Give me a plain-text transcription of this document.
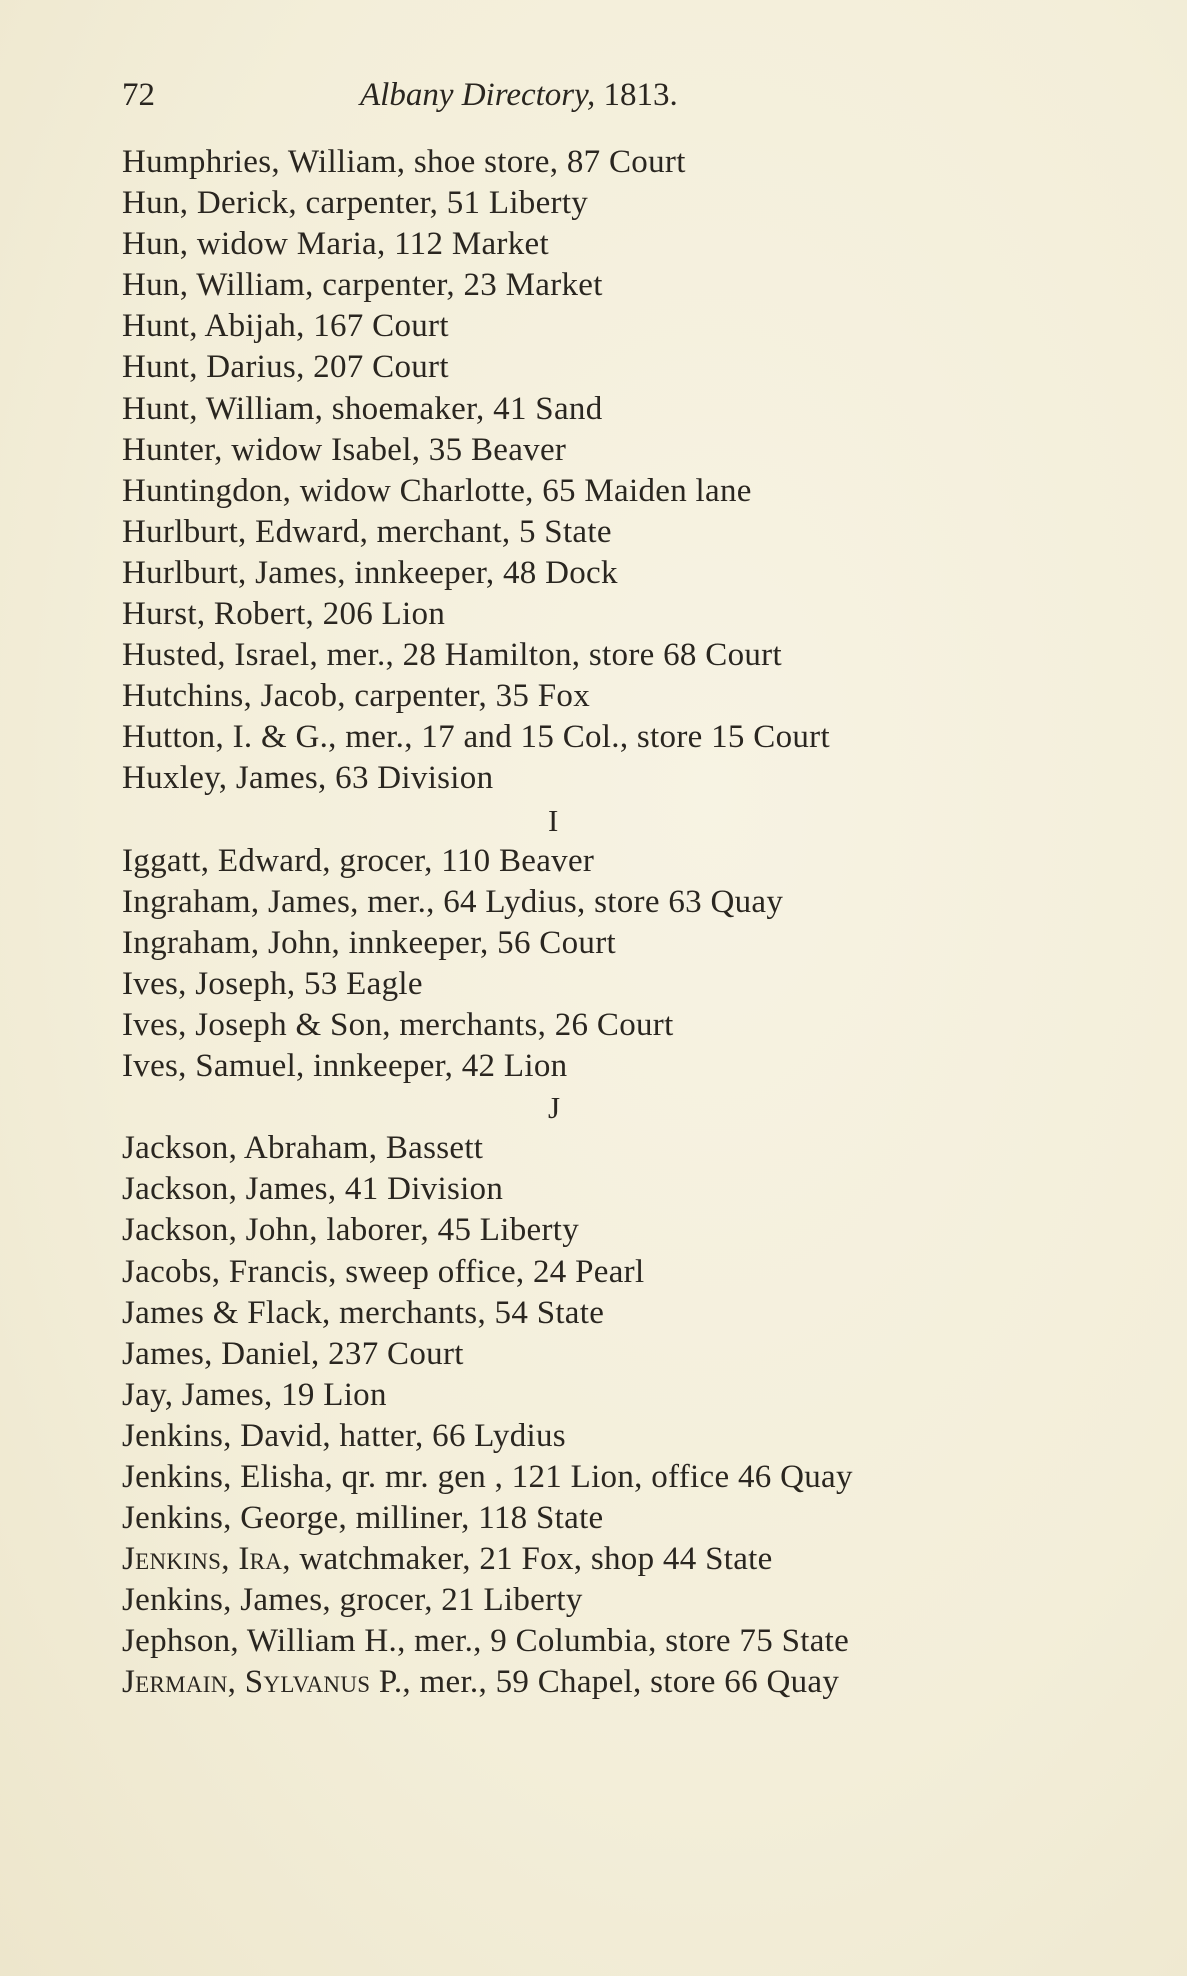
72	Albany Directory, 1813.
Humphries, William, shoe store, 87 Court
Hun, Derick, carpenter, 51 Liberty
Hun, widow Maria, 112 Market
Hun, William, carpenter, 23 Market
Hunt, Abijah, 167 Court
Hunt, Darius, 207 Court
Hunt, William, shoemaker, 41 Sand
Hunter, widow Isabel, 35 Beaver
Huntingdon, widow Charlotte, 65 Maiden lane
Hurlburt, Edward, merchant, 5 State
Hurlburt, James, innkeeper, 48 Dock
Hurst, Robert, 206 Lion
Husted, Israel, mer., 28 Hamilton, store 68 Court
Hutchins, Jacob, carpenter, 35 Fox
Hutton, I. & G., mer., 17 and 15 Col., store 15 Court
Huxley, James, 63 Division
I
Iggatt, Edward, grocer, 110 Beaver
Ingraham, James, mer., 64 Lydius, store 63 Quay
Ingraham, John, innkeeper, 56 Court
Ives, Joseph, 53 Eagle
Ives, Joseph & Son, merchants, 26 Court
Ives, Samuel, innkeeper, 42 Lion
J
Jackson, Abraham, Bassett
Jackson, James, 41 Division
Jackson, John, laborer, 45 Liberty
Jacobs, Francis, sweep office, 24 Pearl
James & Flack, merchants, 54 State
James, Daniel, 237 Court
Jay, James, 19 Lion
Jenkins, David, hatter, 66 Lydius
Jenkins, Elisha, qr. mr. gen , 121 Lion, office 46 Quay
Jenkins, George, milliner, 118 State
Jenkins, Ira, watchmaker, 21 Fox, shop 44 State
Jenkins, James, grocer, 21 Liberty
Jephson, William H., mer., 9 Columbia, store 75 State
Jermain, Sylvanus P., mer., 59 Chapel, store 66 Quay
